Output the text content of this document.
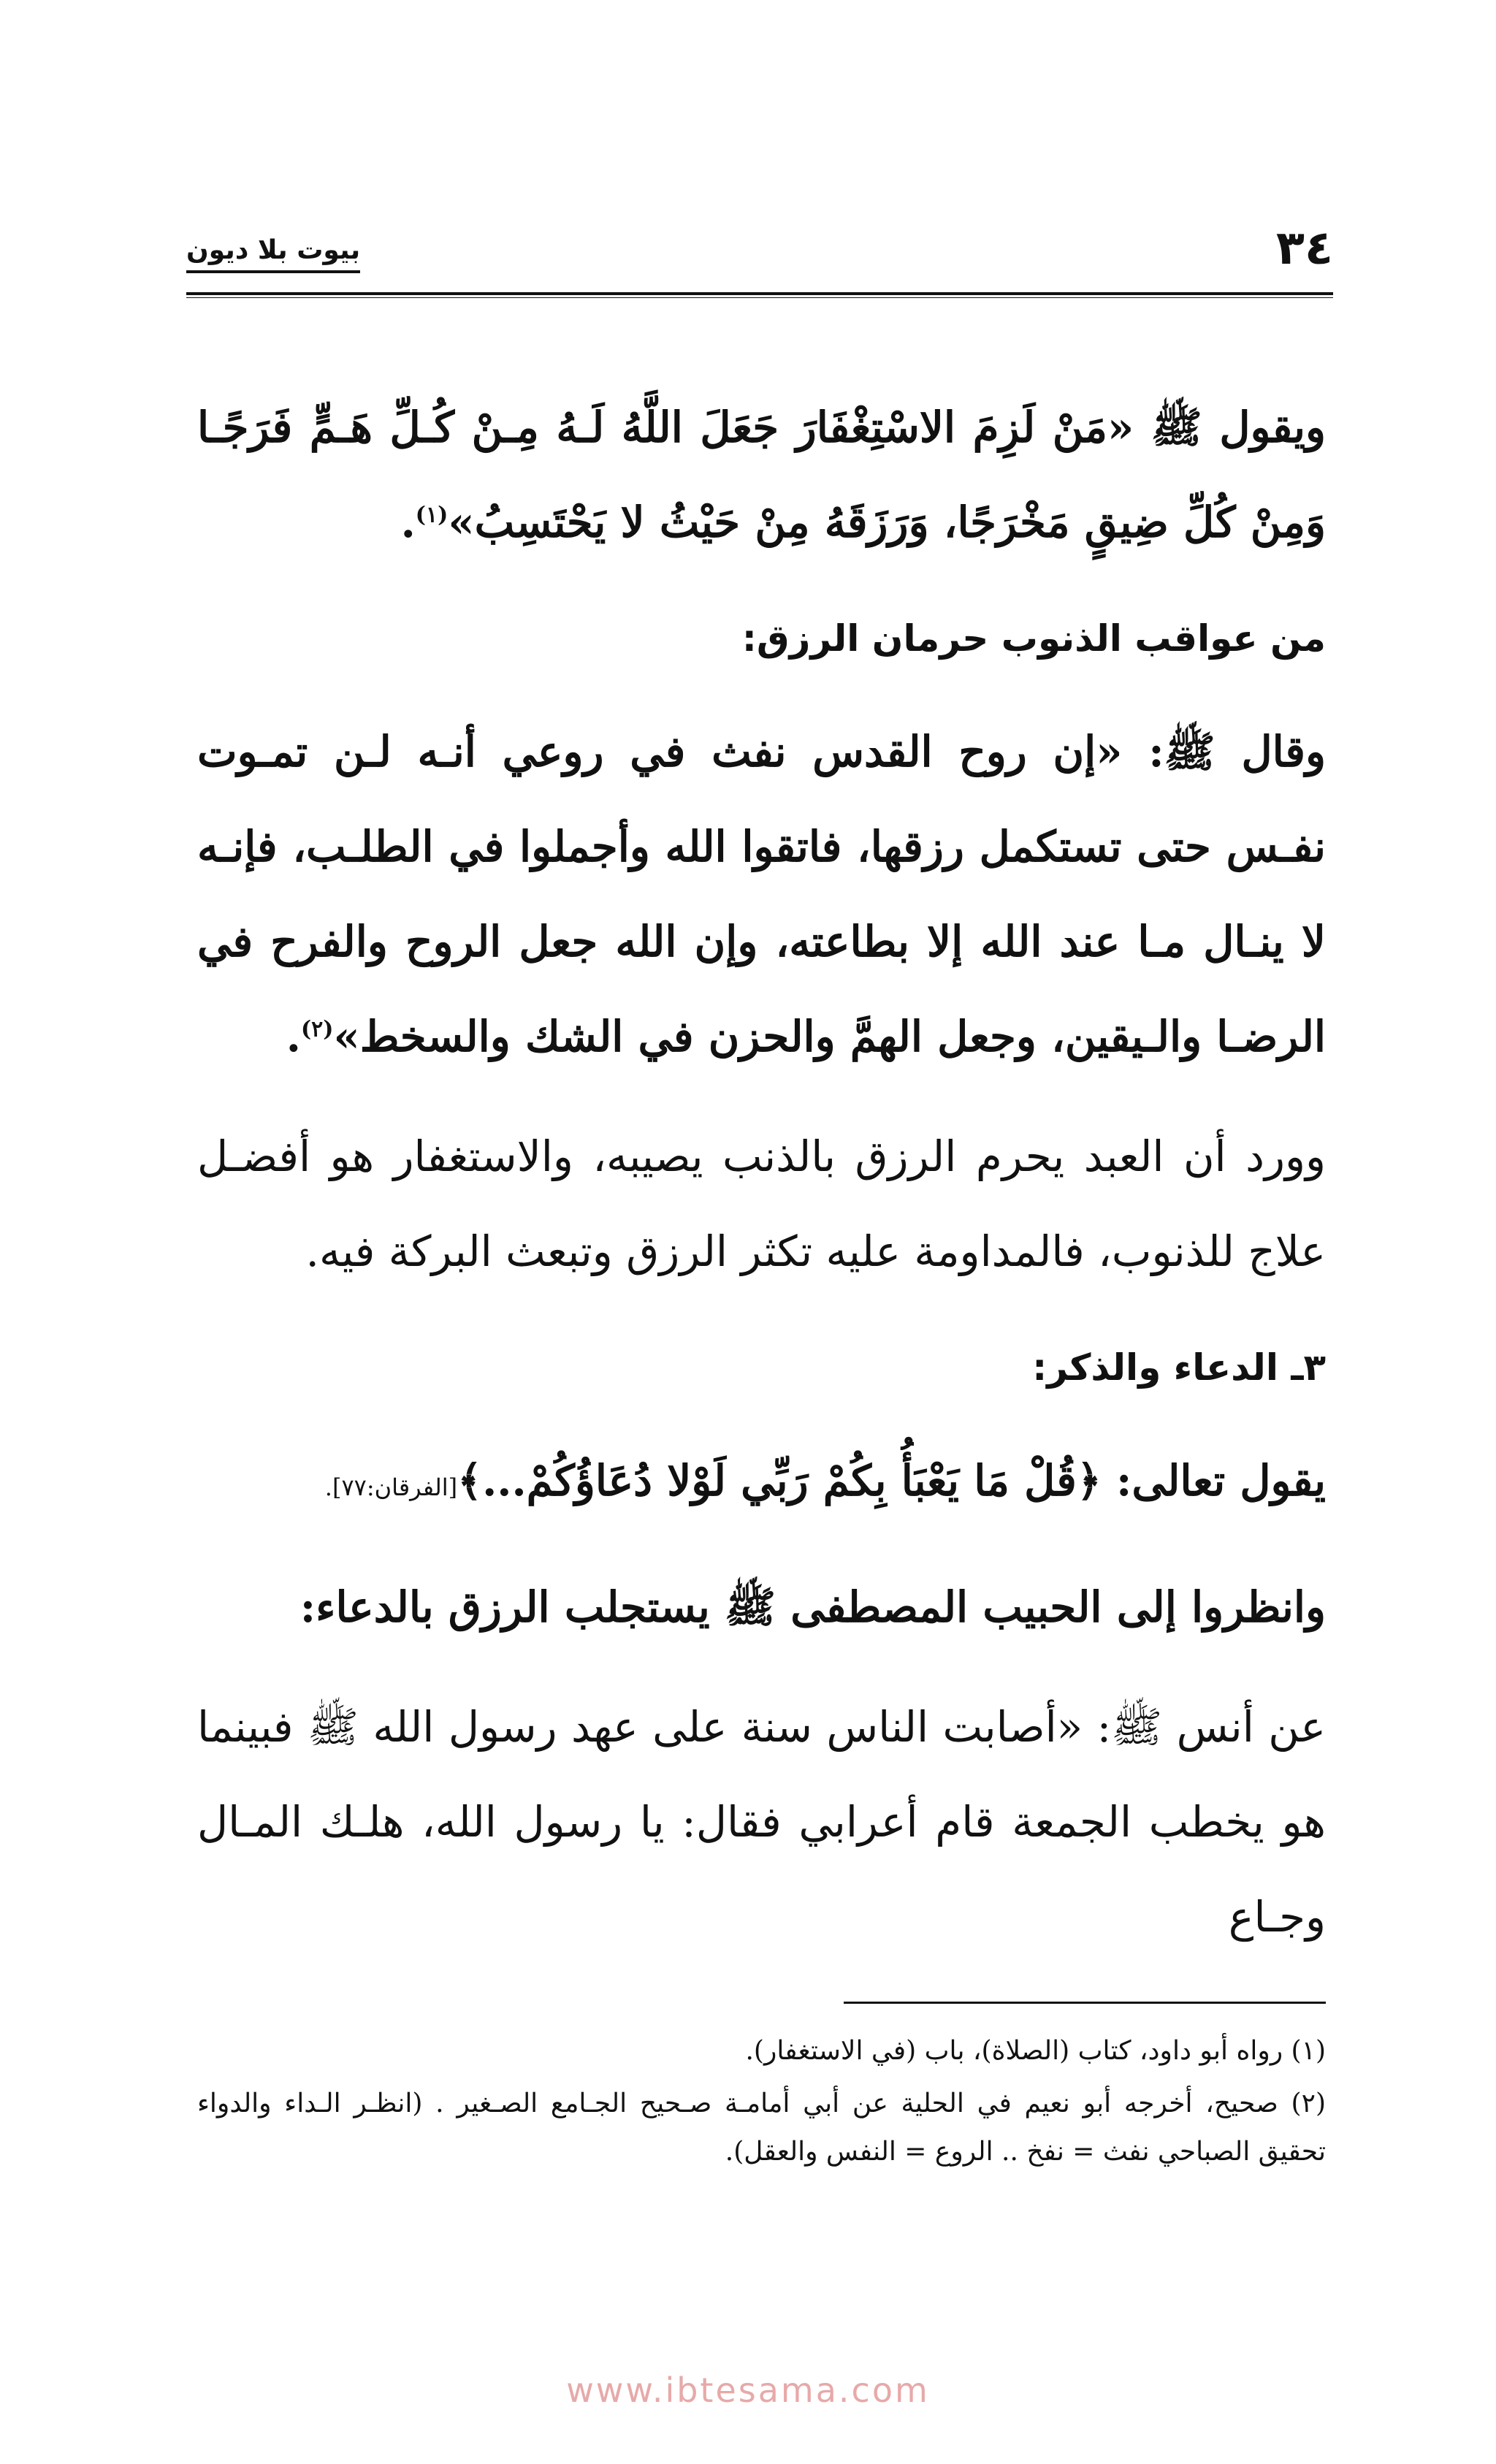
٣٤
بيوت بلا ديون

ويقول ﷺ «مَنْ لَزِمَ الاسْتِغْفَارَ جَعَلَ اللَّهُ لَـهُ مِـنْ كُـلِّ هَـمٍّ فَرَجًـا وَمِنْ كُلِّ ضِيقٍ مَخْرَجًا، وَرَزَقَهُ مِنْ حَيْثُ لا يَحْتَسِبُ»$^{(١)}$.

من عواقب الذنوب حرمان الرزق:

وقال ﷺ: «إن روح القدس نفث في روعي أنـه لـن تمـوت نفـس حتى تستكمل رزقها، فاتقوا الله وأجملوا في الطلـب، فإنـه لا ينـال مـا عند الله إلا بطاعته، وإن الله جعل الروح والفرح في الرضـا والـيقين، وجعل الهمَّ والحزن في الشك والسخط»$^{(٢)}$.

وورد أن العبد يحرم الرزق بالذنب يصيبه، والاستغفار هو أفضـل علاج للذنوب، فالمداومة عليه تكثر الرزق وتبعث البركة فيه.

٣ـ الدعاء والذكر:

يقول تعالى: ﴿قُلْ مَا يَعْبَأُ بِكُمْ رَبِّي لَوْلا دُعَاؤُكُمْ...﴾[الفرقان:٧٧].

وانظروا إلى الحبيب المصطفى ﷺ يستجلب الرزق بالدعاء:

عن أنس ﷺ: «أصابت الناس سنة على عهد رسول الله ﷺ فبينما هو يخطب الجمعة قام أعرابي فقال: يا رسول الله، هلـك المـال وجـاع

(١) رواه أبو داود، كتاب (الصلاة)، باب (في الاستغفار).

(٢) صحيح، أخرجه أبو نعيم في الحلية عن أبي أمامـة صـحيح الجـامع الصـغير . (انظـر الـداء والدواء تحقيق الصباحي نفث = نفخ .. الروع = النفس والعقل).

www.ibtesama.com
